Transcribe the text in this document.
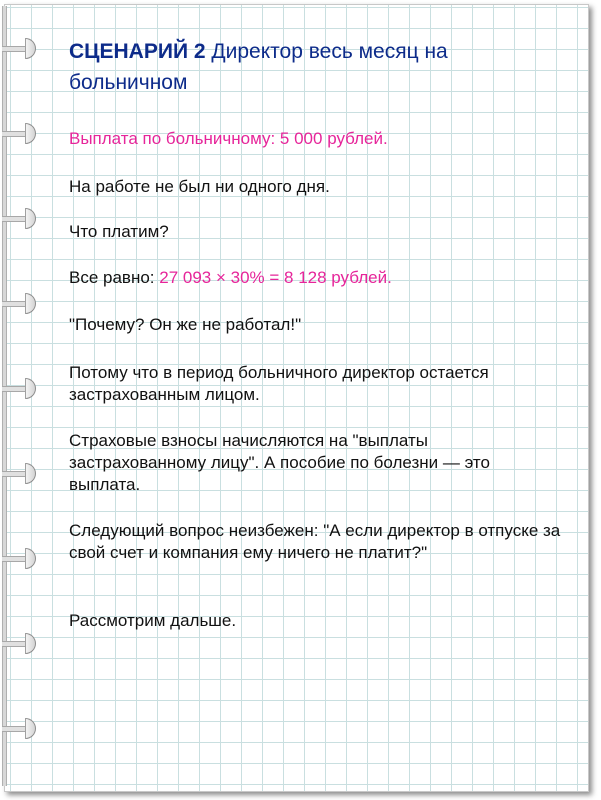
СЦЕНАРИЙ 2 Директор весь месяц на больничном
Выплата по больничному: 5 000 рублей.
На работе не был ни одного дня.
Что платим?
Все равно: 27 093 × 30% = 8 128 рублей.
"Почему? Он же не работал!"
Потому что в период больничного директор остается застрахованным лицом.
Страховые взносы начисляются на "выплаты застрахованному лицу". А пособие по болезни — это выплата.
Следующий вопрос неизбежен: "А если директор в отпуске за свой счет и компания ему ничего не платит?"
Рассмотрим дальше.
